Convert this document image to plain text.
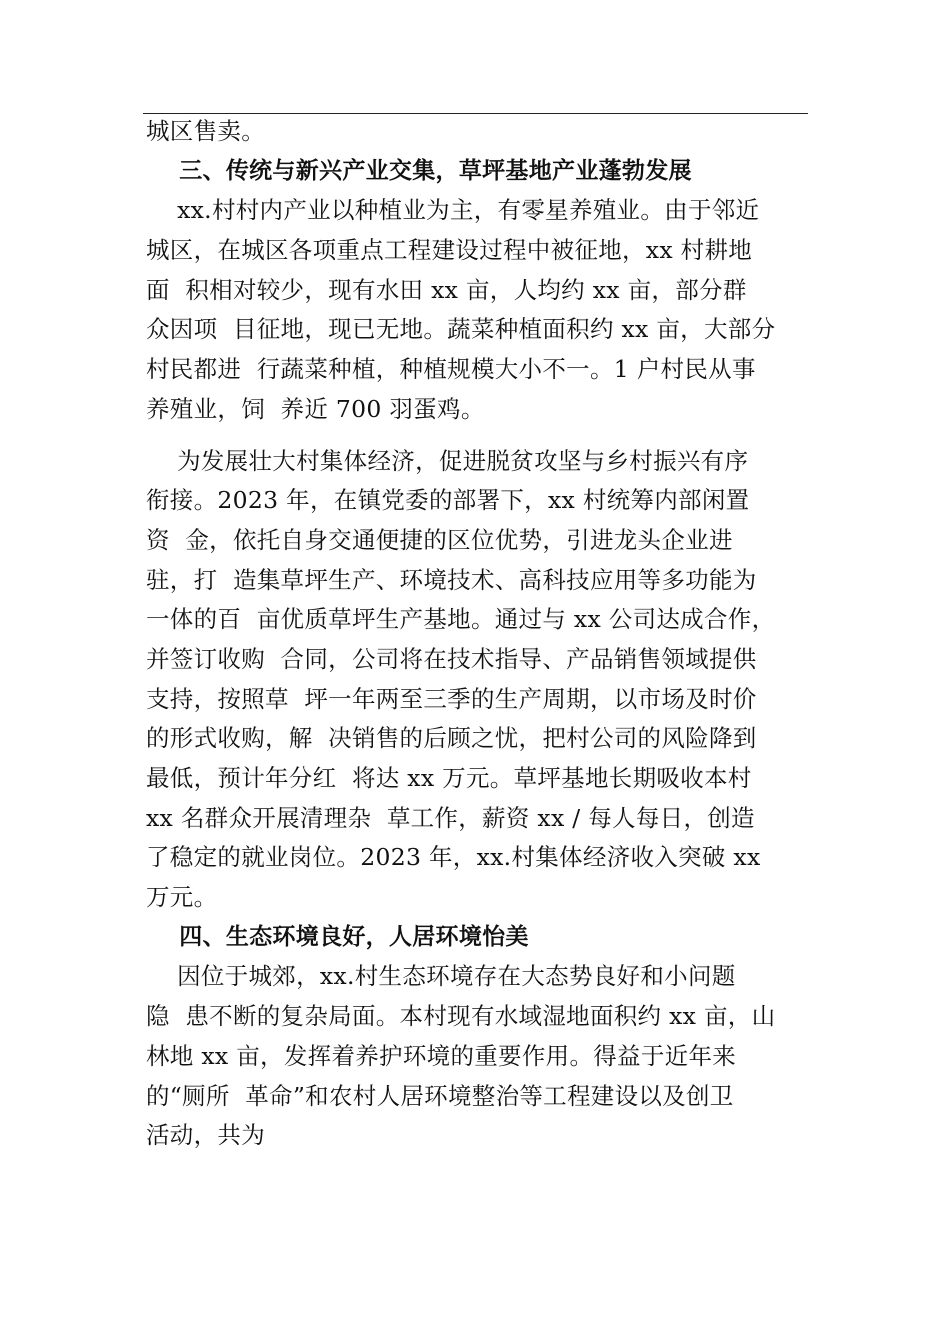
城区售卖。
三、传统与新兴产业交集，草坪基地产业蓬勃发展
xx.村村内产业以种植业为主，有零星养殖业。由于邻近
城区，在城区各项重点工程建设过程中被征地，xx 村耕地
面  积相对较少，现有水田 xx 亩，人均约 xx 亩，部分群
众因项  目征地，现已无地。蔬菜种植面积约 xx 亩，大部分
村民都进  行蔬菜种植，种植规模大小不一。1 户村民从事
养殖业，饲  养近 700 羽蛋鸡。
为发展壮大村集体经济，促进脱贫攻坚与乡村振兴有序
衔接。2023 年，在镇党委的部署下，xx 村统筹内部闲置
资  金，依托自身交通便捷的区位优势，引进龙头企业进
驻，打  造集草坪生产、环境技术、高科技应用等多功能为
一体的百  亩优质草坪生产基地。通过与 xx 公司达成合作，
并签订收购  合同，公司将在技术指导、产品销售领域提供
支持，按照草  坪一年两至三季的生产周期，以市场及时价
的形式收购，解  决销售的后顾之忧，把村公司的风险降到
最低，预计年分红  将达 xx 万元。草坪基地长期吸收本村
xx 名群众开展清理杂  草工作，薪资 xx / 每人每日，创造
了稳定的就业岗位。2023 年，xx.村集体经济收入突破 xx
万元。
四、生态环境良好，人居环境怡美
因位于城郊，xx.村生态环境存在大态势良好和小问题
隐  患不断的复杂局面。本村现有水域湿地面积约 xx 亩，山
林地 xx 亩，发挥着养护环境的重要作用。得益于近年来
的“厕所  革命”和农村人居环境整治等工程建设以及创卫
活动，共为
